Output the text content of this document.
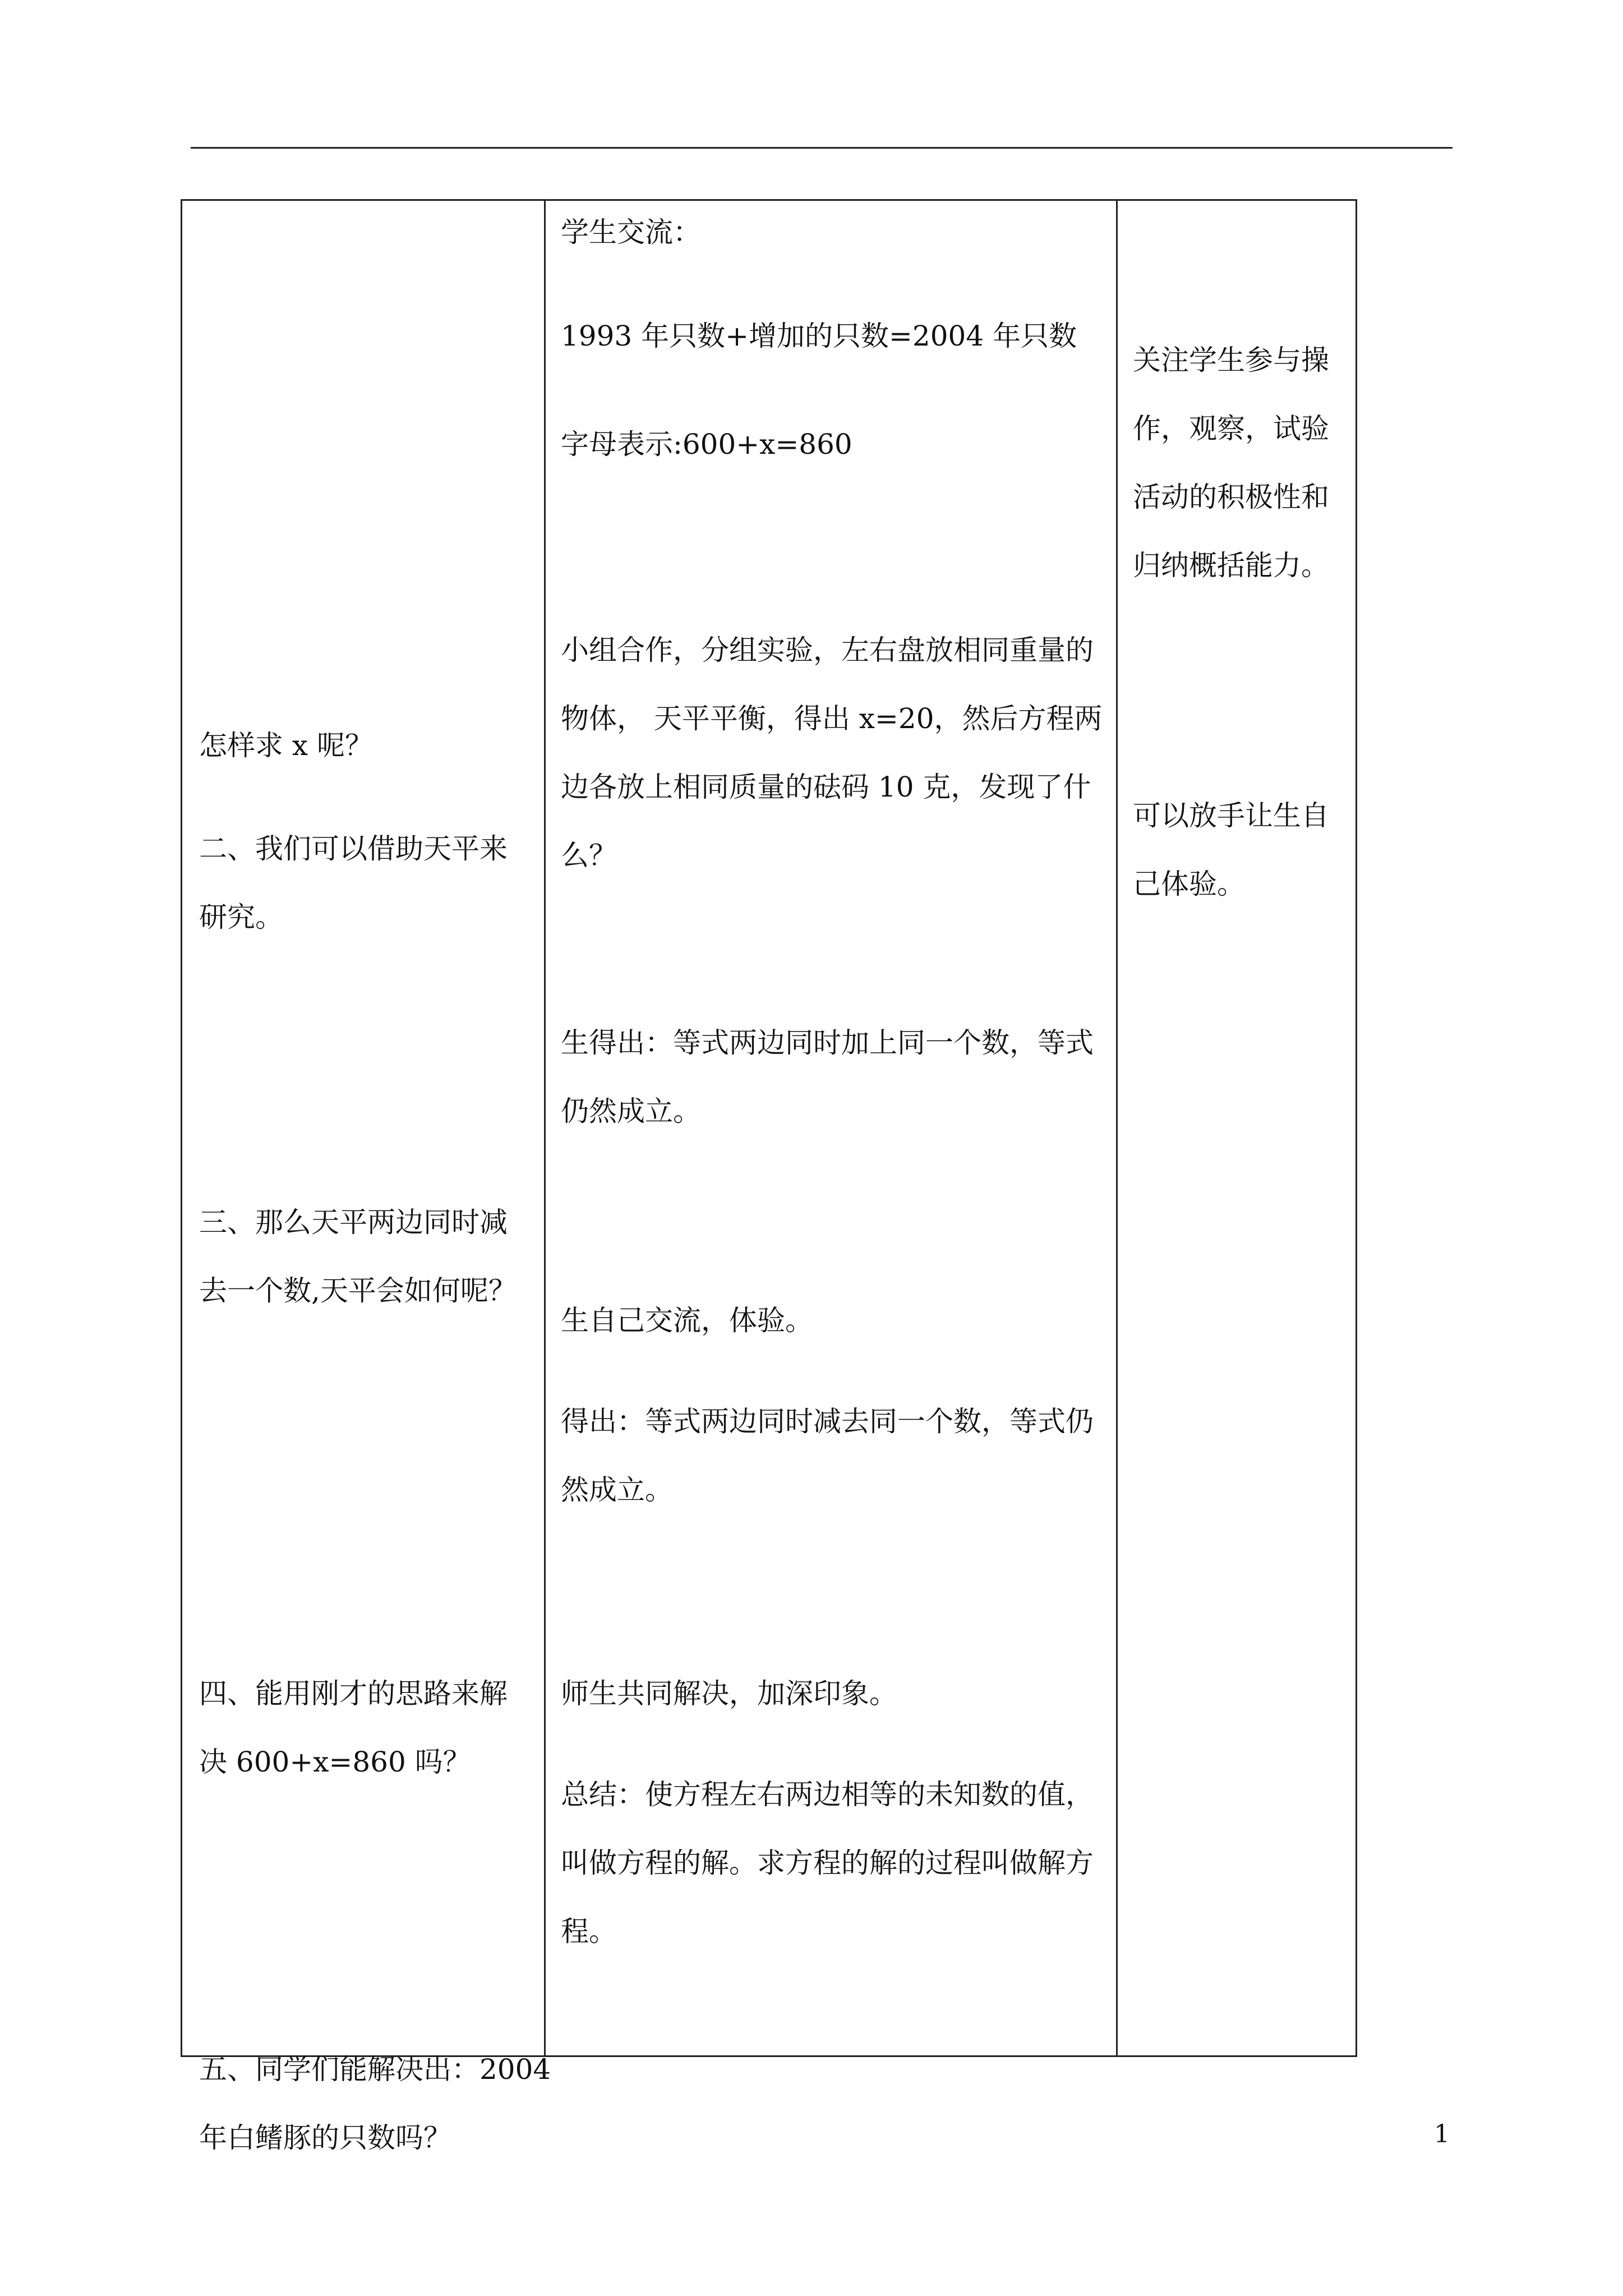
怎样求 x 呢？

二、我们可以借助天平来
研究。

三、那么天平两边同时减
去一个数,天平会如何呢？

四、能用刚才的思路来解
决 600+x=860 吗？

五、同学们能解决出：2004
年白鳍豚的只数吗？

学生交流：

1993 年只数+增加的只数=2004 年只数

字母表示:600+x=860

小组合作，分组实验，左右盘放相同重量的
物体， 天平平衡，得出 x=20，然后方程两
边各放上相同质量的砝码 10 克，发现了什
么？

生得出：等式两边同时加上同一个数，等式
仍然成立。

生自己交流，体验。

得出：等式两边同时减去同一个数，等式仍
然成立。

师生共同解决，加深印象。

总结：使方程左右两边相等的未知数的值，
叫做方程的解。求方程的解的过程叫做解方
程。

关注学生参与操
作，观察，试验
活动的积极性和
归纳概括能力。

可以放手让生自
己体验。

1
